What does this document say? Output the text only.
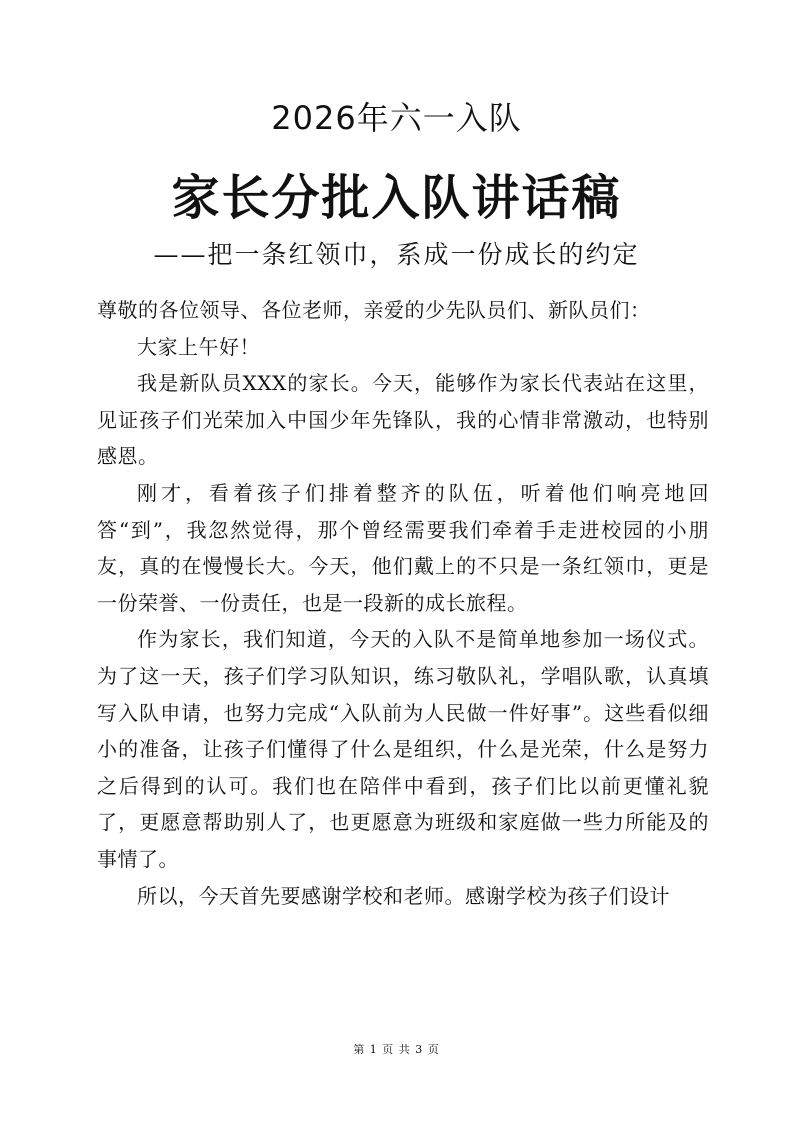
2026年六一入队
家长分批入队讲话稿
——把一条红领巾，系成一份成长的约定

尊敬的各位领导、各位老师，亲爱的少先队员们、新队员们：

大家上午好！

我是新队员XXX的家长。今天，能够作为家长代表站在这里，见证孩子们光荣加入中国少年先锋队，我的心情非常激动，也特别感恩。

刚才，看着孩子们排着整齐的队伍，听着他们响亮地回答“到”，我忽然觉得，那个曾经需要我们牵着手走进校园的小朋友，真的在慢慢长大。今天，他们戴上的不只是一条红领巾，更是一份荣誉、一份责任，也是一段新的成长旅程。

作为家长，我们知道，今天的入队不是简单地参加一场仪式。为了这一天，孩子们学习队知识，练习敬队礼，学唱队歌，认真填写入队申请，也努力完成“入队前为人民做一件好事”。这些看似细小的准备，让孩子们懂得了什么是组织，什么是光荣，什么是努力之后得到的认可。我们也在陪伴中看到，孩子们比以前更懂礼貌了，更愿意帮助别人了，也更愿意为班级和家庭做一些力所能及的事情了。

所以，今天首先要感谢学校和老师。感谢学校为孩子们设计

第 1 页 共 3 页
